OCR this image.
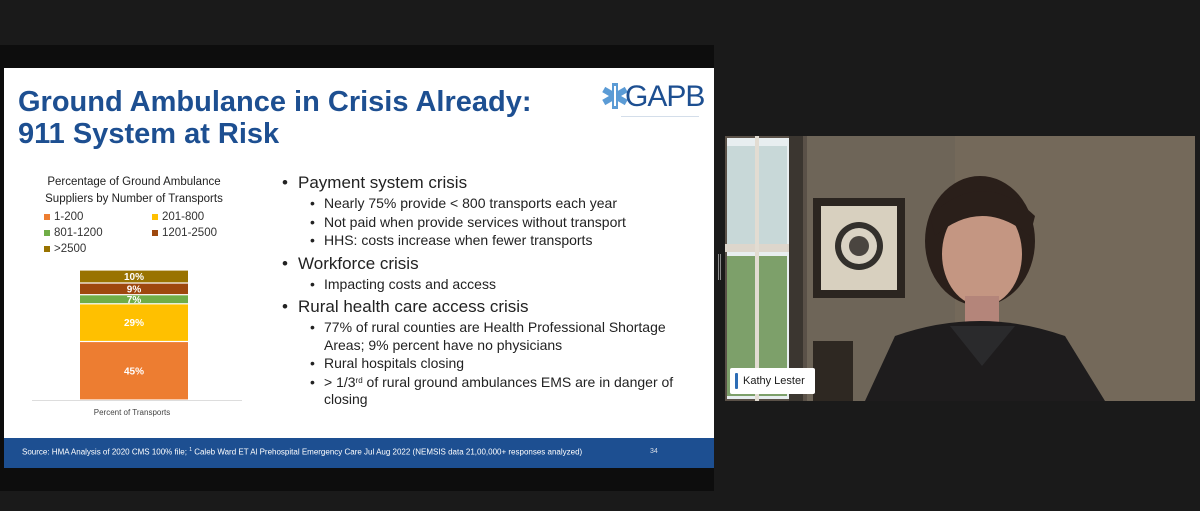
Ground Ambulance in Crisis Already:
911 System at Risk
GAPB
——————————————————————————
Percentage of Ground Ambulance
Suppliers by Number of Transports
1-200	201-800
801-1200	1201-2500
>2500
45%
29%
7%
9%
10%
Percent of Transports
• Payment system crisis
• Nearly 75% provide < 800 transports each year
• Not paid when provide services without transport
• HHS: costs increase when fewer transports
• Workforce crisis
• Impacting costs and access
• Rural health care access crisis
• 77% of rural counties are Health Professional Shortage Areas; 9% percent have no physicians
• Rural hospitals closing
• > 1/3rd of rural ground ambulances EMS are in danger of closing
Source: HMA Analysis of 2020 CMS 100% file; $^1$ Caleb Ward ET Al Prehospital Emergency Care Jul Aug 2022 (NEMSIS data 21,00,000+ responses analyzed)	34
Kathy Lester
